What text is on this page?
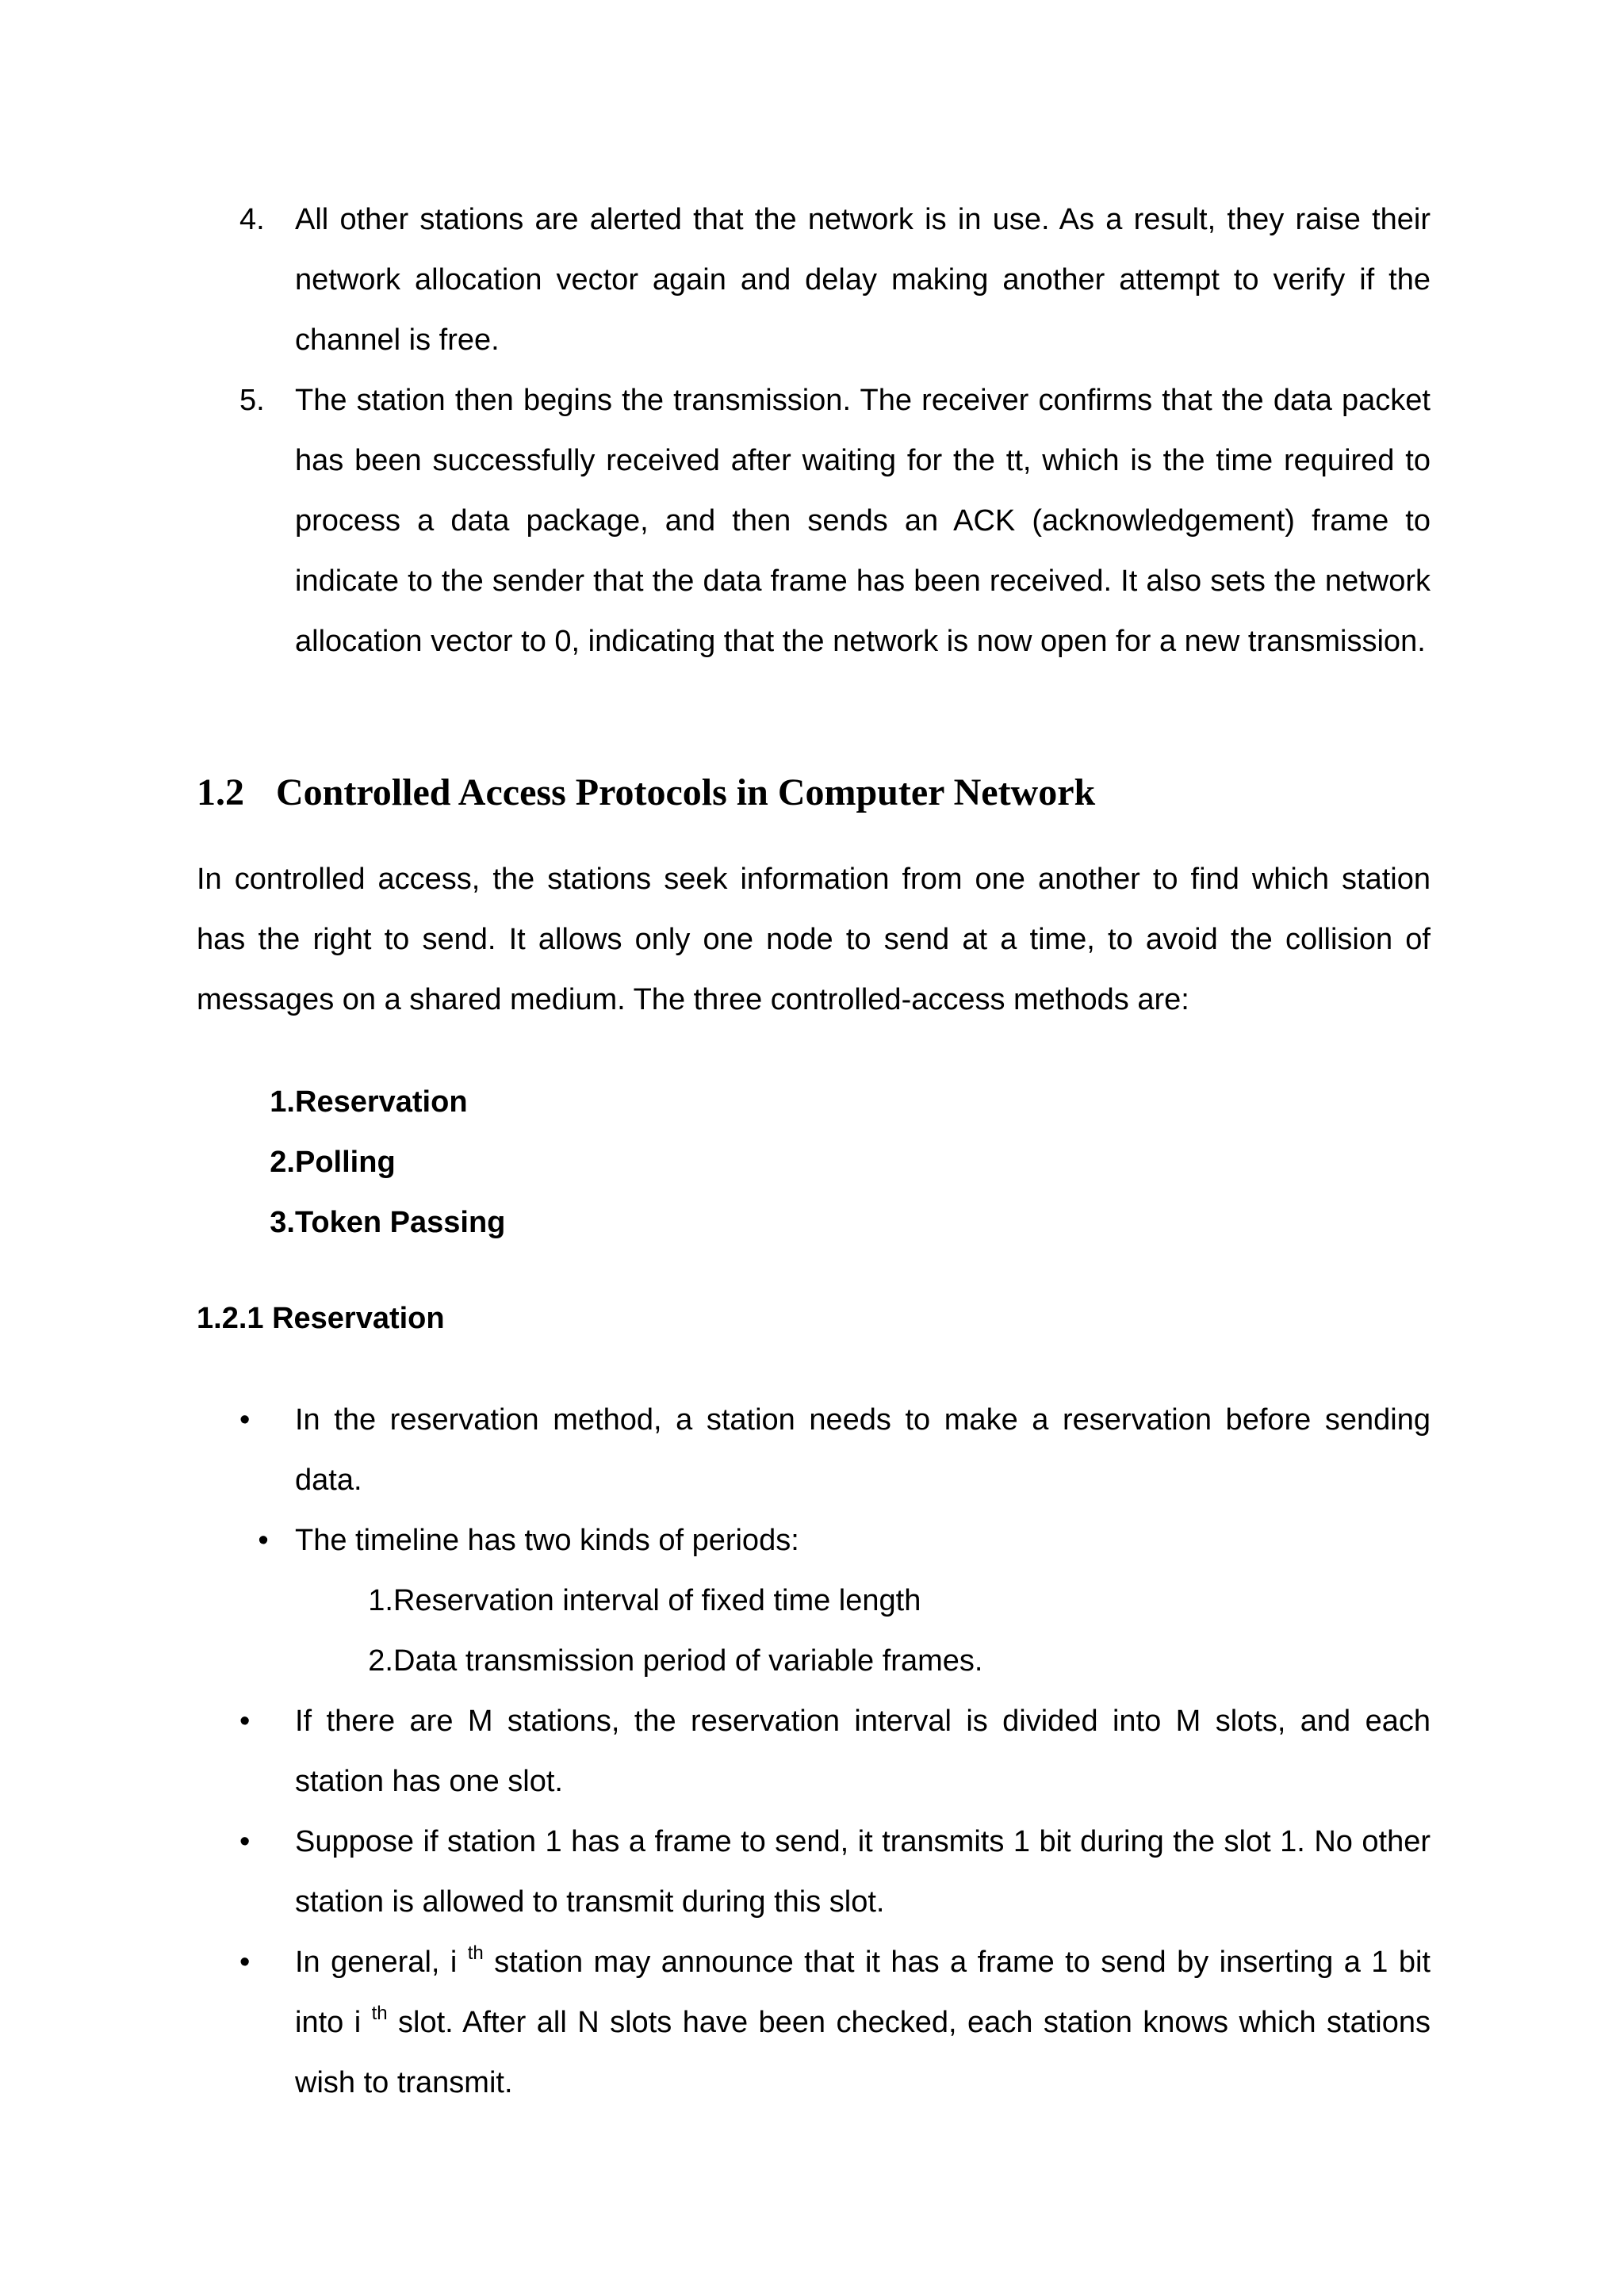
4.	All other stations are alerted that the network is in use. As a result, they raise their network allocation vector again and delay making another attempt to verify if the channel is free.
5.	The station then begins the transmission. The receiver confirms that the data packet has been successfully received after waiting for the tt, which is the time required to process a data package, and then sends an ACK (acknowledgement) frame to indicate to the sender that the data frame has been received. It also sets the network allocation vector to 0, indicating that the network is now open for a new transmission.
1.2 Controlled Access Protocols in Computer Network
In controlled access, the stations seek information from one another to find which station has the right to send. It allows only one node to send at a time, to avoid the collision of messages on a shared medium. The three controlled-access methods are:
1. Reservation
2. Polling
3. Token Passing
1.2.1 Reservation
•	In the reservation method, a station needs to make a reservation before sending data.
• The timeline has two kinds of periods:
1. Reservation interval of fixed time length
2. Data transmission period of variable frames.
•	If there are M stations, the reservation interval is divided into M slots, and each station has one slot.
•	Suppose if station 1 has a frame to send, it transmits 1 bit during the slot 1. No other station is allowed to transmit during this slot.
•	In general, i $^{th}$ station may announce that it has a frame to send by inserting a 1 bit into i $^{th}$ slot. After all N slots have been checked, each station knows which stations wish to transmit.
